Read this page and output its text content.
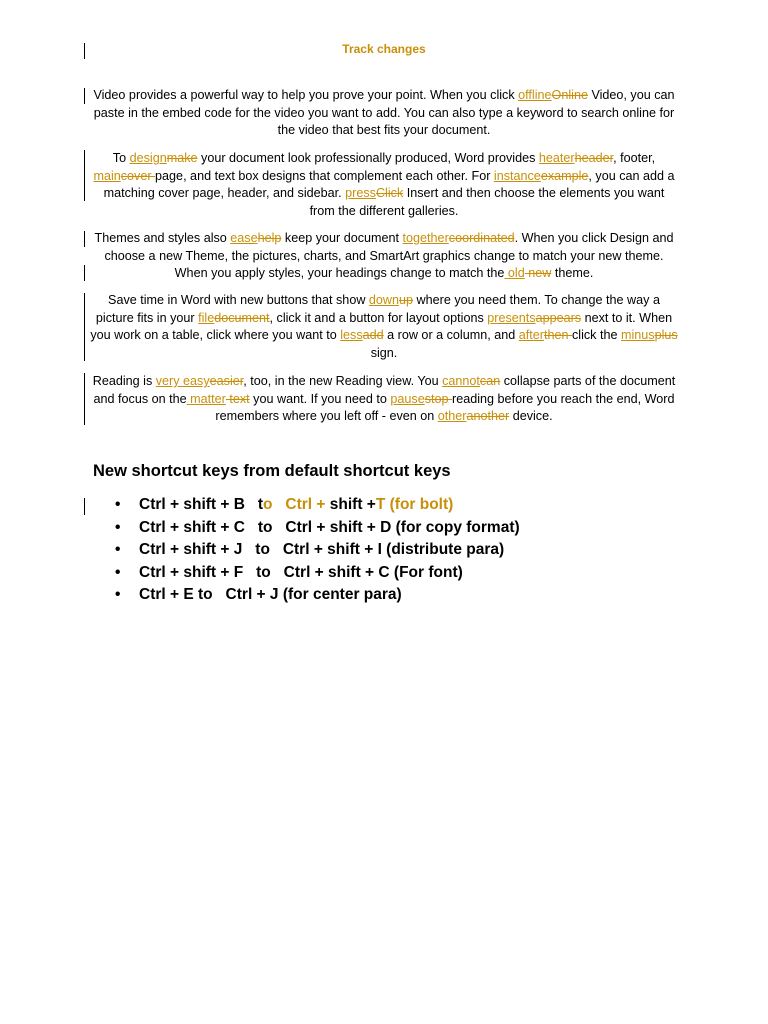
Track changes

Video provides a powerful way to help you prove your point. When you click offlineOnline Video, you can paste in the embed code for the video you want to add. You can also type a keyword to search online for the video that best fits your document.

To designmake your document look professionally produced, Word provides heaterheader, footer, maincover page, and text box designs that complement each other. For instanceexample, you can add a matching cover page, header, and sidebar. pressClick Insert and then choose the elements you want from the different galleries.

Themes and styles also easehelp keep your document togethercoordinated. When you click Design and choose a new Theme, the pictures, charts, and SmartArt graphics change to match your new theme. When you apply styles, your headings change to match the old new theme.

Save time in Word with new buttons that show downup where you need them. To change the way a picture fits in your filedocument, click it and a button for layout options presentsappears next to it. When you work on a table, click where you want to lessadd a row or a column, and afterthen click the minusplus sign.

Reading is very easyeasier, too, in the new Reading view. You cannotcan collapse parts of the document and focus on the matter text you want. If you need to pausestop reading before you reach the end, Word remembers where you left off - even on otheranother device.

New shortcut keys from default shortcut keys
• Ctrl + shift + B   to   Ctrl + shift +T (for bolt)
• Ctrl + shift + C   to   Ctrl + shift + D (for copy format)
• Ctrl + shift + J   to   Ctrl + shift + I (distribute para)
• Ctrl + shift + F   to   Ctrl + shift + C (For font)
• Ctrl + E to   Ctrl + J (for center para)
